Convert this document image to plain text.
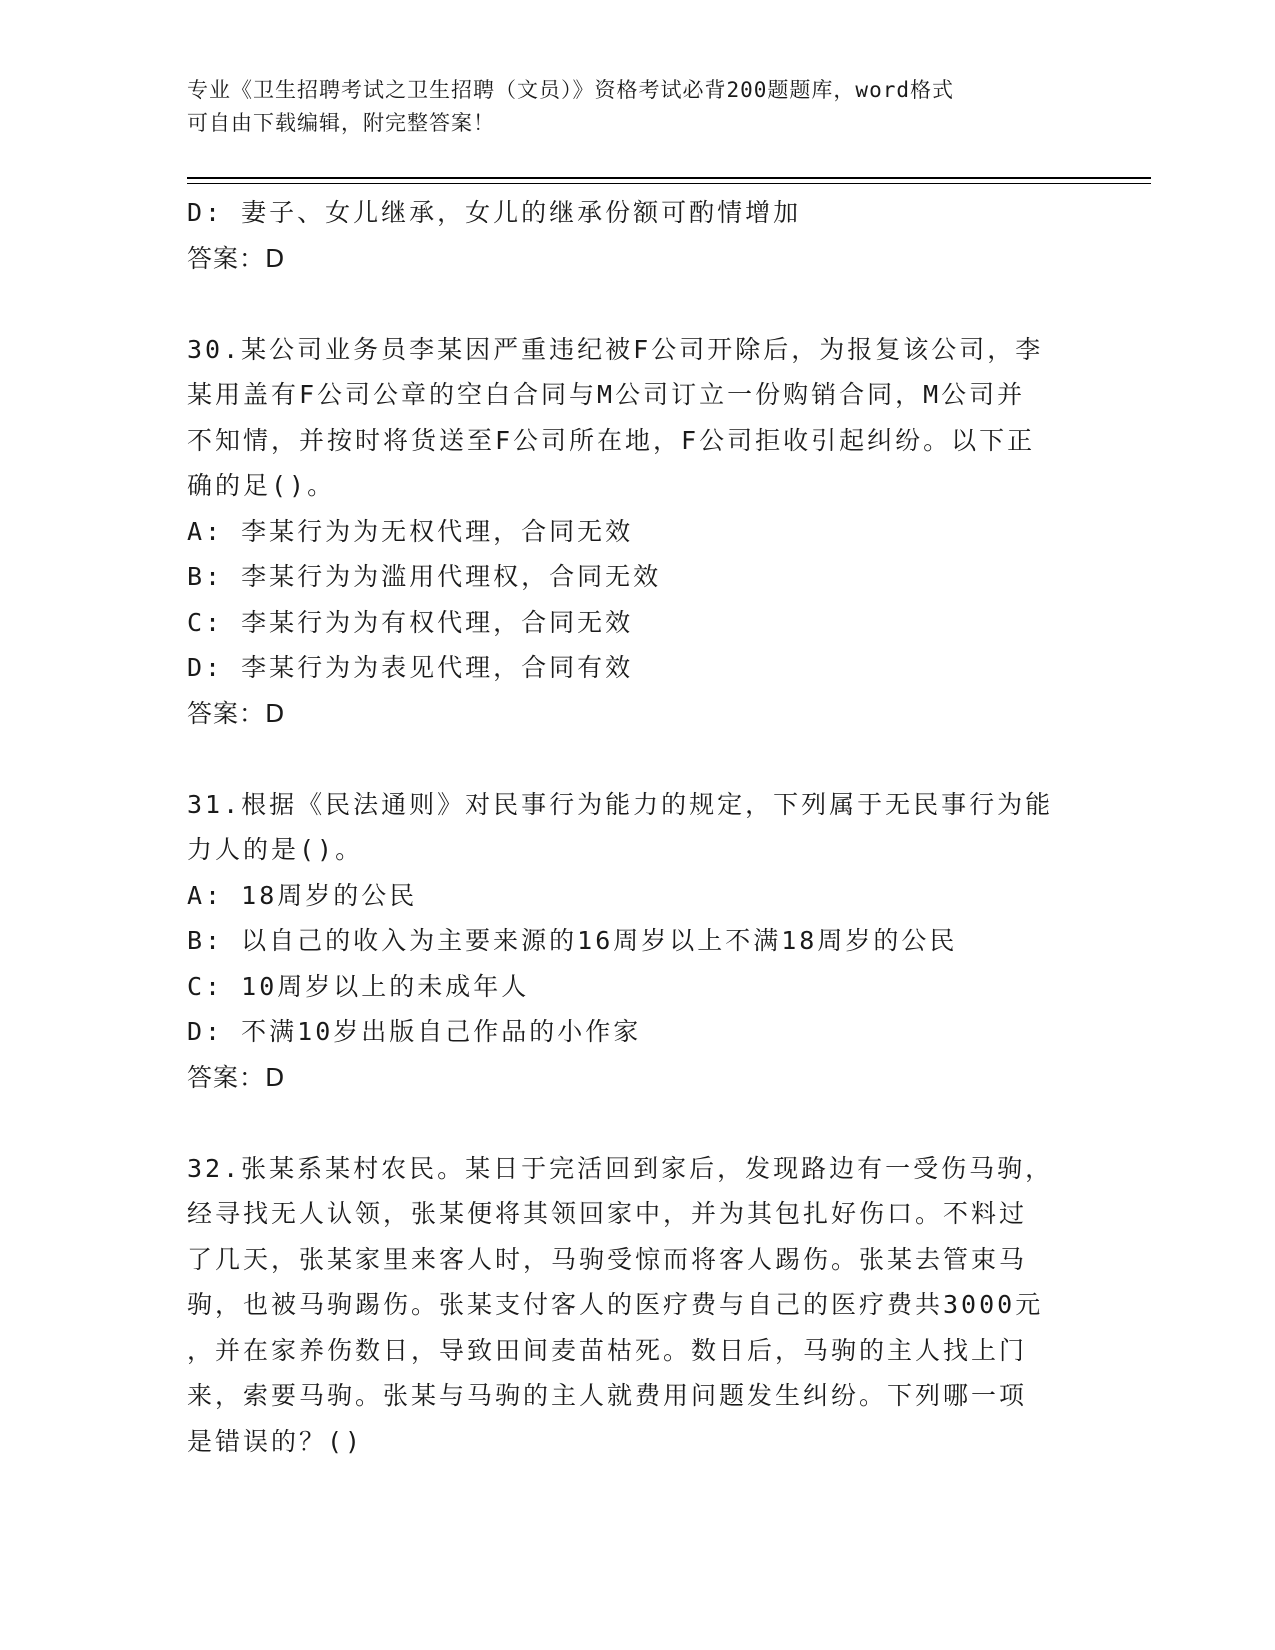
专业《卫生招聘考试之卫生招聘（文员）》资格考试必背200题题库，word格式
可自由下载编辑，附完整答案！
D: 妻子、女儿继承，女儿的继承份额可酌情增加
答案：D
30.某公司业务员李某因严重违纪被F公司开除后，为报复该公司，李
某用盖有F公司公章的空白合同与M公司订立一份购销合同，M公司并
不知情，并按时将货送至F公司所在地，F公司拒收引起纠纷。以下正
确的足()。
A: 李某行为为无权代理，合同无效
B: 李某行为为滥用代理权，合同无效
C: 李某行为为有权代理，合同无效
D: 李某行为为表见代理，合同有效
答案：D
31.根据《民法通则》对民事行为能力的规定，下列属于无民事行为能
力人的是()。
A: 18周岁的公民
B: 以自己的收入为主要来源的16周岁以上不满18周岁的公民
C: 10周岁以上的未成年人
D: 不满10岁出版自己作品的小作家
答案：D
32.张某系某村农民。某日于完活回到家后，发现路边有一受伤马驹，
经寻找无人认领，张某便将其领回家中，并为其包扎好伤口。不料过
了几天，张某家里来客人时，马驹受惊而将客人踢伤。张某去管束马
驹，也被马驹踢伤。张某支付客人的医疗费与自己的医疗费共3000元
，并在家养伤数日，导致田间麦苗枯死。数日后，马驹的主人找上门
来，索要马驹。张某与马驹的主人就费用问题发生纠纷。下列哪一项
是错误的？()
